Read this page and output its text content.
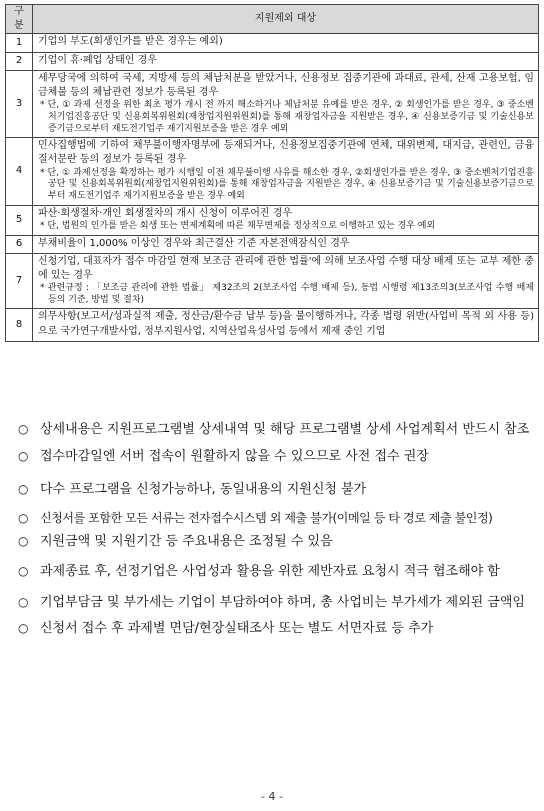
구분	지원제외 대상
1	기업의 부도(회생인가를 받은 경우는 예외)

2	기업이 휴·폐업 상태인 경우

3	세무당국에 의하여 국세, 지방세 등의 체납처분을 받았거나, 신용정보 집중기관에 과대료, 관세, 산재 고용보험, 임금체불 등의 체납관련 정보가 등록된 경우
* 단, ① 과제 선정을 위한 최초 평가 개시 전 까지 해소하거나 체납처분 유예를 받은 경우, ② 회생인가를 받은 경우, ③ 중소벤처기업진흥공단 및 신용회복위원회(재창업지원위원회)를 통해 재창업자금을 지원받은 경우, ④ 신용보증기금 및 기술신용보증기금으로부터 재도전기업주 재기지원보증을 받은 경우 예외

4	민사집행법에 기하여 채무불이행자명부에 등재되거나, 신용정보집중기관에 연체, 대위변제, 대지급, 관련인, 금융질서문란 등의 정보가 등록된 경우
* 단, ① 과제선정을 확정하는 평가 시행일 이전 채무불이행 사유를 해소한 경우, ②회생인가를 받은 경우, ③ 중소벤처기업진흥공단 및 신용회복위원회(재창업지원위원회)를 통해 재창업자금을 지원받은 경우, ④ 신용보증기금 및 기술신용보증기금으로부터 재도전기업주 재기지원보증을 받은 경우 예외

5	파산·회생절차·개인 회생절차의 개시 신청이 이루어진 경우
* 단, 법원의 인가를 받은 회생 또는 변제계획에 따른 채무변제를 정상적으로 이행하고 있는 경우 예외

6	부채비율이 1,000% 이상인 경우와 최근결산 기준 자본전액잠식인 경우

7	신청기업, 대표자가 접수 마감일 현재 보조금 관리에 관한 법률'에 의해 보조사업 수행 대상 배제 또는 교부 제한 중에 있는 경우
* 관련규정 : 「보조금 관리에 관한 법률」 제32조의 2(보조사업 수행 배제 등), 동법 시행령 제13조의3(보조사업 수행 배제 등의 기준, 방법 및 절차)

8	의무사항(보고서/성과실적 제출, 정산금/환수금 납부 등)을 불이행하거나, 각종 법령 위반(사업비 목적 외 사용 등)으로 국가연구개발사업, 정부지원사업, 지역산업육성사업 등에서 제재 중인 기업
○ 상세내용은 지원프로그램별 상세내역 및 해당 프로그램별 상세 사업계획서 반드시 참조
○ 접수마감일엔 서버 접속이 원활하지 않을 수 있으므로 사전 접수 권장
○ 다수 프로그램을 신청가능하나, 동일내용의 지원신청 불가
○ 신청서를 포함한 모든 서류는 전자접수시스템 외 제출 불가(이메일 등 타 경로 제출 불인정)
○ 지원금액 및 지원기간 등 주요내용은 조정될 수 있음
○ 과제종료 후, 선정기업은 사업성과 활용을 위한 제반자료 요청시 적극 협조해야 함
○ 기업부담금 및 부가세는 기업이 부담하여야 하며, 총 사업비는 부가세가 제외된 금액임
○ 신청서 접수 후 과제별 면담/현장실태조사 또는 별도 서면자료 등 추가
- 4 -
